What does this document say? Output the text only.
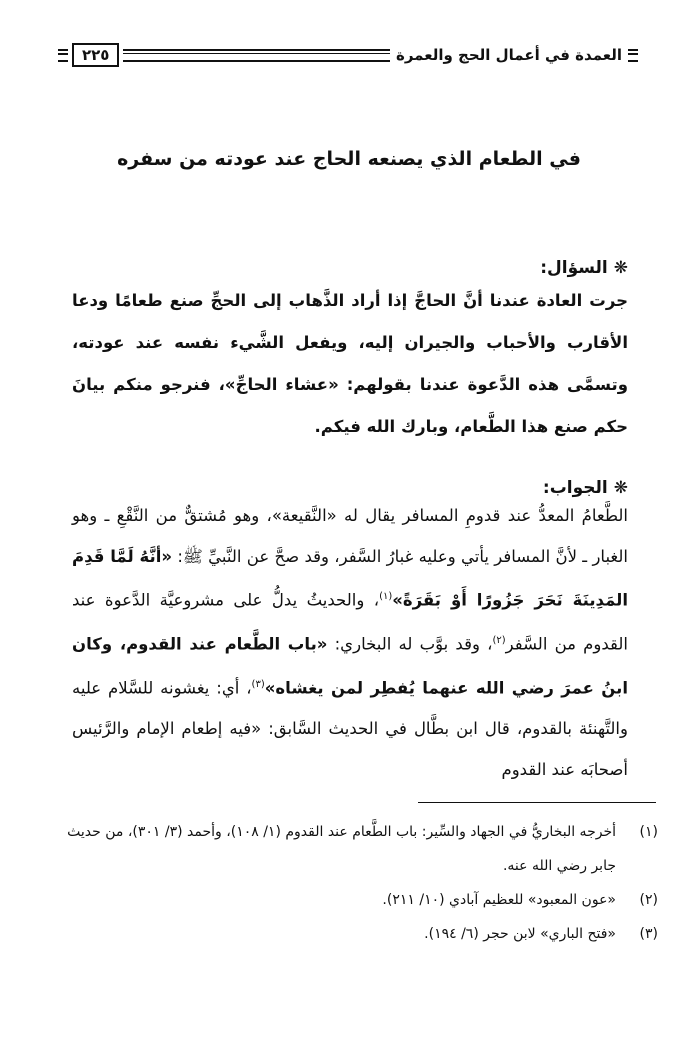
العمدة في أعمال الحج والعمرة
٢٢٥
في الطعام الذي يصنعه الحاج عند عودته من سفره
❋السؤال:
جرت العادة عندنا أنَّ الحاجَّ إذا أراد الذَّهاب إلى الحجِّ صنع طعامًا ودعا الأقارب والأحباب والجيران إليه، ويفعل الشَّيء نفسه عند عودته، وتسمَّى هذه الدَّعوة عندنا بقولهم: «عشاء الحاجِّ»، فنرجو منكم بيانَ حكم صنع هذا الطَّعام، وبارك الله فيكم.
❋الجواب:
الطَّعامُ المعدُّ عند قدومِ المسافر يقال له «النَّقيعة»، وهو مُشتقٌّ من النَّقْعِ ـ وهو الغبار ـ لأنَّ المسافر يأتي وعليه غبارُ السَّفر، وقد صحَّ عن النَّبيِّ ﷺ: «أنَّهُ لَمَّا قَدِمَ المَدِينَةَ نَحَرَ جَزُورًا أَوْ بَقَرَةً»$^{(١)}$، والحديثُ يدلُّ على مشروعيَّة الدَّعوة عند القدوم من السَّفر$^{(٢)}$، وقد بوَّب له البخاري: «باب الطَّعام عند القدوم، وكان ابنُ عمرَ رضي الله عنهما يُفطِر لمن يغشاه»$^{(٣)}$، أي: يغشونه للسَّلام عليه والتَّهنئة بالقدوم، قال ابن بطَّال في الحديث السَّابق: «فيه إطعام الإمام والرَّئيس أصحابَه عند القدوم
(١)
أخرجه البخاريُّ في الجهاد والسِّير: باب الطَّعام عند القدوم (١/ ١٠٨)، وأحمد (٣/ ٣٠١)، من حديث جابر رضي الله عنه.
(٢)
«عون المعبود» للعظيم آبادي (١٠/ ٢١١).
(٣)
«فتح الباري» لابن حجر (٦/ ١٩٤).
